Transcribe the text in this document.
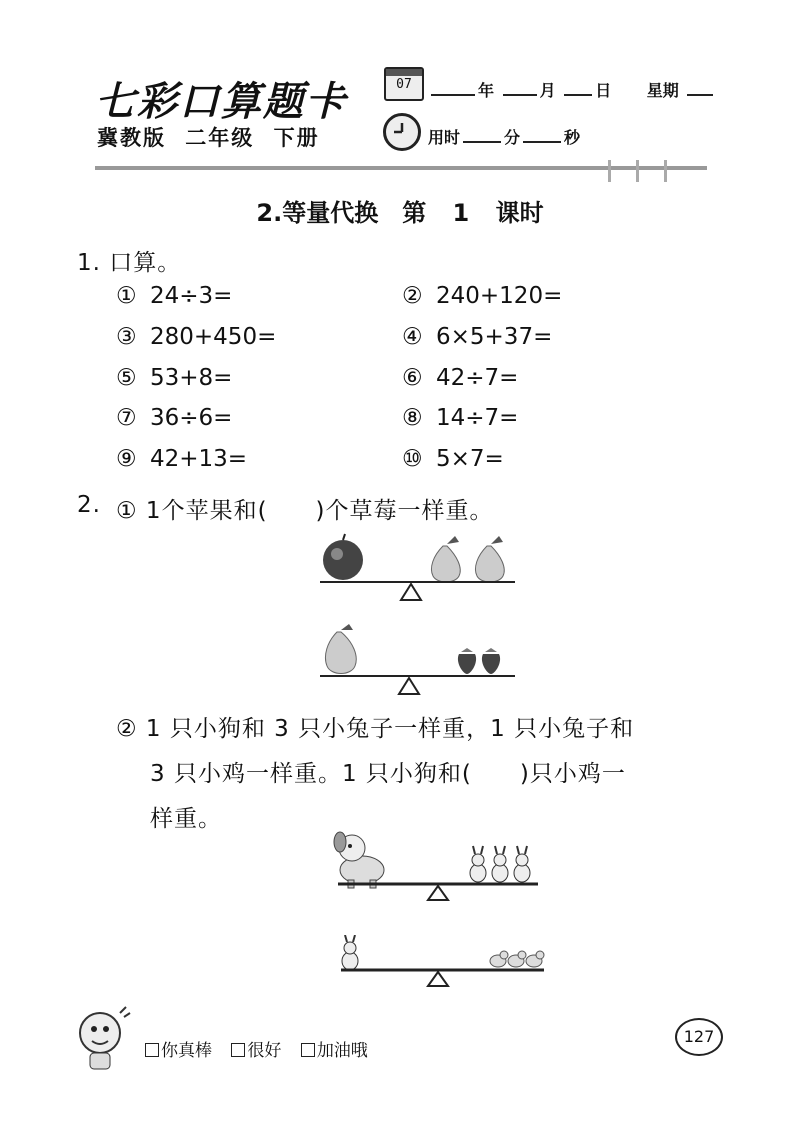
七彩口算题卡
冀教版 二年级 下册
07	年	月 日 星期
用时	分	秒
2.等量代换　第 1 课时
1. 口算。
① 24÷3=	② 240+120=
③ 280+450=	④ 6×5+37=
⑤ 53+8=	⑥ 42÷7=
⑦ 36÷6=	⑧ 14÷7=
⑨ 42+13=	⑩ 5×7=
2. ① 1个苹果和(　　)个草莓一样重。
② 1 只小狗和 3 只小兔子一样重，1 只小兔子和
3 只小鸡一样重。1 只小狗和(　　)只小鸡一
样重。
你真棒 很好 加油哦
127
